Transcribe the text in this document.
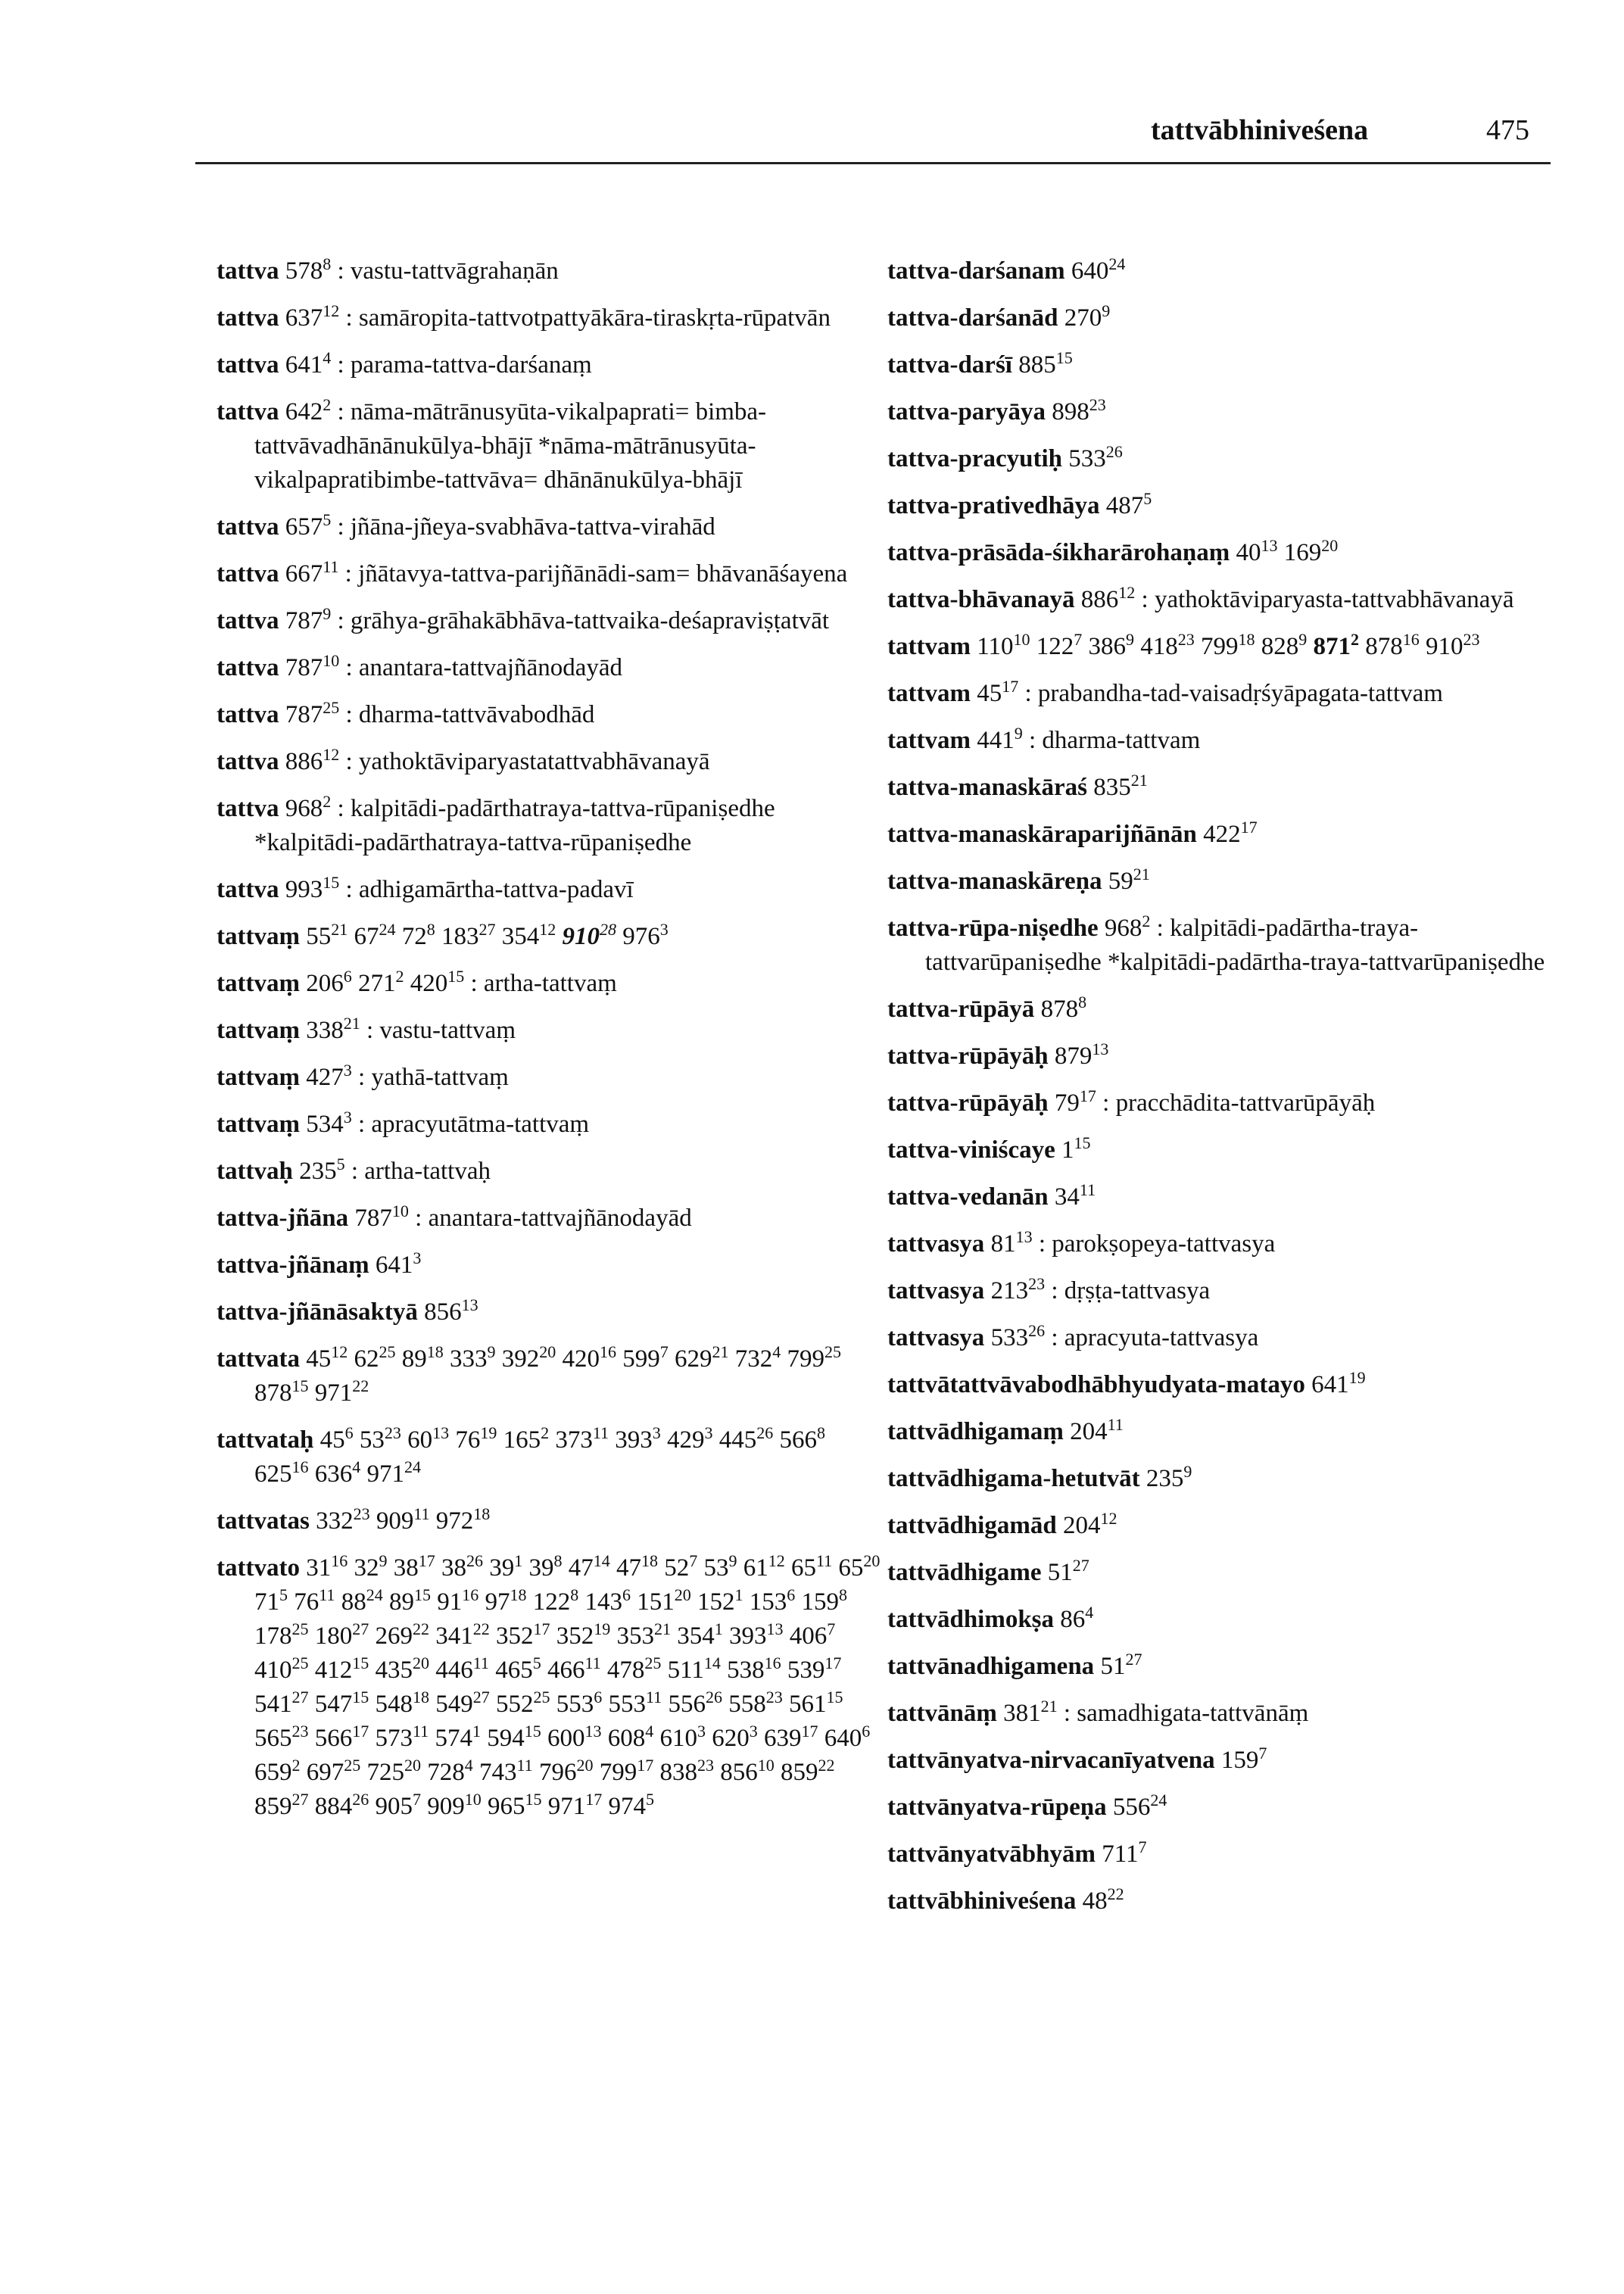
tattvābhiniveśena	475

tattva $578^8$ : vastu-tattvāgrahaṇān

tattva $637^{12}$ : samāropita-tattvotpattyākāra-tiraskṛta-rūpatvān

tattva $641^4$ : parama-tattva-darśanaṃ

tattva $642^2$ : nāma-mātrānusyūta-vikalpaprati= bimba-tattvāvadhānānukūlya-bhājī *nāma-mātrānusyūta-vikalpapratibimbe-tattvāva= dhānānukūlya-bhājī

tattva $657^5$ : jñāna-jñeya-svabhāva-tattva-virahād

tattva $667^{11}$ : jñātavya-tattva-parijñānādi-sam= bhāvanāśayena

tattva $787^9$ : grāhya-grāhakābhāva-tattvaika-deśapraviṣṭatvāt

tattva $787^{10}$ : anantara-tattvajñānodayād

tattva $787^{25}$ : dharma-tattvāvabodhād

tattva $886^{12}$ : yathoktāviparyastatattvabhāvanayā

tattva $968^2$ : kalpitādi-padārthatraya-tattva-rūpaniṣedhe *kalpitādi-padārthatraya-tattva-rūpaniṣedhe

tattva $993^{15}$ : adhigamārtha-tattva-padavī

tattvaṃ $55^{21}$ $67^{24}$ $72^8$ $183^{27}$ $354^{12}$ $910^{28}$ $976^3$

tattvaṃ $206^6$ $271^2$ $420^{15}$ : artha-tattvaṃ

tattvaṃ $338^{21}$ : vastu-tattvaṃ

tattvaṃ $427^3$ : yathā-tattvaṃ

tattvaṃ $534^3$ : apracyutātma-tattvaṃ

tattvaḥ $235^5$ : artha-tattvaḥ

tattva-jñāna $787^{10}$ : anantara-tattvajñānodayād

tattva-jñānaṃ $641^3$

tattva-jñānāsaktyā $856^{13}$

tattvata $45^{12}$ $62^{25}$ $89^{18}$ $333^9$ $392^{20}$ $420^{16}$ $599^7$ $629^{21}$ $732^4$ $799^{25}$ $878^{15}$ $971^{22}$

tattvataḥ $45^6$ $53^{23}$ $60^{13}$ $76^{19}$ $165^2$ $373^{11}$ $393^3$ $429^3$ $445^{26}$ $566^8$ $625^{16}$ $636^4$ $971^{24}$

tattvatas $332^{23}$ $909^{11}$ $972^{18}$

tattvato $31^{16}$ $32^9$ $38^{17}$ $38^{26}$ $39^1$ $39^8$ $47^{14}$ $47^{18}$ $52^7$ $53^9$ $61^{12}$ $65^{11}$ $65^{20}$ $71^5$ $76^{11}$ $88^{24}$ $89^{15}$ $91^{16}$ $97^{18}$ $122^8$ $143^6$ $151^{20}$ $152^1$ $153^6$ $159^8$ $178^{25}$ $180^{27}$ $269^{22}$ $341^{22}$ $352^{17}$ $352^{19}$ $353^{21}$ $354^1$ $393^{13}$ $406^7$ $410^{25}$ $412^{15}$ $435^{20}$ $446^{11}$ $465^5$ $466^{11}$ $478^{25}$ $511^{14}$ $538^{16}$ $539^{17}$ $541^{27}$ $547^{15}$ $548^{18}$ $549^{27}$ $552^{25}$ $553^6$ $553^{11}$ $556^{26}$ $558^{23}$ $561^{15}$ $565^{23}$ $566^{17}$ $573^{11}$ $574^1$ $594^{15}$ $600^{13}$ $608^4$ $610^3$ $620^3$ $639^{17}$ $640^6$ $659^2$ $697^{25}$ $725^{20}$ $728^4$ $743^{11}$ $796^{20}$ $799^{17}$ $838^{23}$ $856^{10}$ $859^{22}$ $859^{27}$ $884^{26}$ $905^7$ $909^{10}$ $965^{15}$ $971^{17}$ $974^5$

tattva-darśanam $640^{24}$

tattva-darśanād $270^9$

tattva-darśī $885^{15}$

tattva-paryāya $898^{23}$

tattva-pracyutiḥ $533^{26}$

tattva-prativedhāya $487^5$

tattva-prāsāda-śikharārohaṇaṃ $40^{13}$ $169^{20}$

tattva-bhāvanayā $886^{12}$ : yathoktāviparyasta-tattvabhāvanayā

tattvam $110^{10}$ $122^7$ $386^9$ $418^{23}$ $799^{18}$ $828^9$ $871^2$ $878^{16}$ $910^{23}$

tattvam $45^{17}$ : prabandha-tad-vaisadṛśyāpagata-tattvam

tattvam $441^9$ : dharma-tattvam

tattva-manaskāraś $835^{21}$

tattva-manaskāraparijñānān $422^{17}$

tattva-manaskāreṇa $59^{21}$

tattva-rūpa-niṣedhe $968^2$ : kalpitādi-padārtha-traya-tattvarūpaniṣedhe *kalpitādi-padārtha-traya-tattvarūpaniṣedhe

tattva-rūpāyā $878^8$

tattva-rūpāyāḥ $879^{13}$

tattva-rūpāyāḥ $79^{17}$ : pracchādita-tattvarūpāyāḥ

tattva-viniścaye $1^{15}$

tattva-vedanān $34^{11}$

tattvasya $81^{13}$ : parokṣopeya-tattvasya

tattvasya $213^{23}$ : dṛṣṭa-tattvasya

tattvasya $533^{26}$ : apracyuta-tattvasya

tattvātattvāvabodhābhyudyata-matayo $641^{19}$

tattvādhigamaṃ $204^{11}$

tattvādhigama-hetutvāt $235^9$

tattvādhigamād $204^{12}$

tattvādhigame $51^{27}$

tattvādhimokṣa $86^4$

tattvānadhigamena $51^{27}$

tattvānāṃ $381^{21}$ : samadhigata-tattvānāṃ

tattvānyatva-nirvacanīyatvena $159^7$

tattvānyatva-rūpeṇa $556^{24}$

tattvānyatvābhyām $711^7$

tattvābhiniveśena $48^{22}$
